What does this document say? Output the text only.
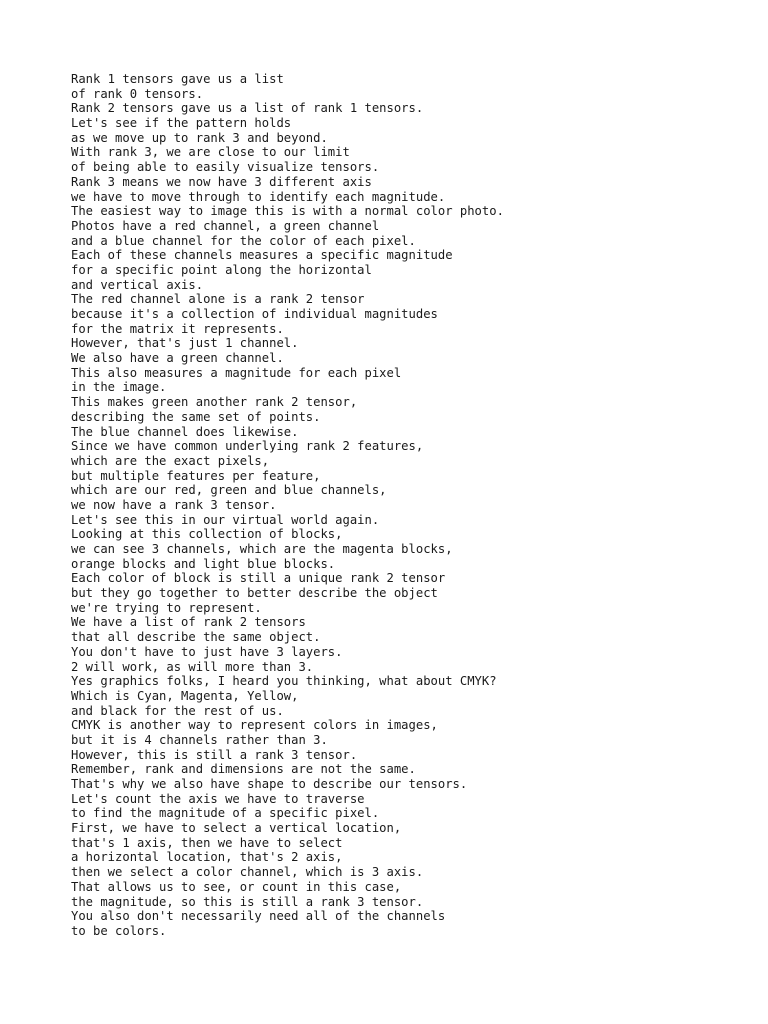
Rank 1 tensors gave us a list
of rank 0 tensors.
Rank 2 tensors gave us a list of rank 1 tensors.
Let's see if the pattern holds
as we move up to rank 3 and beyond.
With rank 3, we are close to our limit
of being able to easily visualize tensors.
Rank 3 means we now have 3 different axis
we have to move through to identify each magnitude.
The easiest way to image this is with a normal color photo.
Photos have a red channel, a green channel
and a blue channel for the color of each pixel.
Each of these channels measures a specific magnitude
for a specific point along the horizontal
and vertical axis.
The red channel alone is a rank 2 tensor
because it's a collection of individual magnitudes
for the matrix it represents.
However, that's just 1 channel.
We also have a green channel.
This also measures a magnitude for each pixel
in the image.
This makes green another rank 2 tensor,
describing the same set of points.
The blue channel does likewise.
Since we have common underlying rank 2 features,
which are the exact pixels,
but multiple features per feature,
which are our red, green and blue channels,
we now have a rank 3 tensor.
Let's see this in our virtual world again.
Looking at this collection of blocks,
we can see 3 channels, which are the magenta blocks,
orange blocks and light blue blocks.
Each color of block is still a unique rank 2 tensor
but they go together to better describe the object
we're trying to represent.
We have a list of rank 2 tensors
that all describe the same object.
You don't have to just have 3 layers.
2 will work, as will more than 3.
Yes graphics folks, I heard you thinking, what about CMYK?
Which is Cyan, Magenta, Yellow,
and black for the rest of us.
CMYK is another way to represent colors in images,
but it is 4 channels rather than 3.
However, this is still a rank 3 tensor.
Remember, rank and dimensions are not the same.
That's why we also have shape to describe our tensors.
Let's count the axis we have to traverse
to find the magnitude of a specific pixel.
First, we have to select a vertical location,
that's 1 axis, then we have to select
a horizontal location, that's 2 axis,
then we select a color channel, which is 3 axis.
That allows us to see, or count in this case,
the magnitude, so this is still a rank 3 tensor.
You also don't necessarily need all of the channels
to be colors.
